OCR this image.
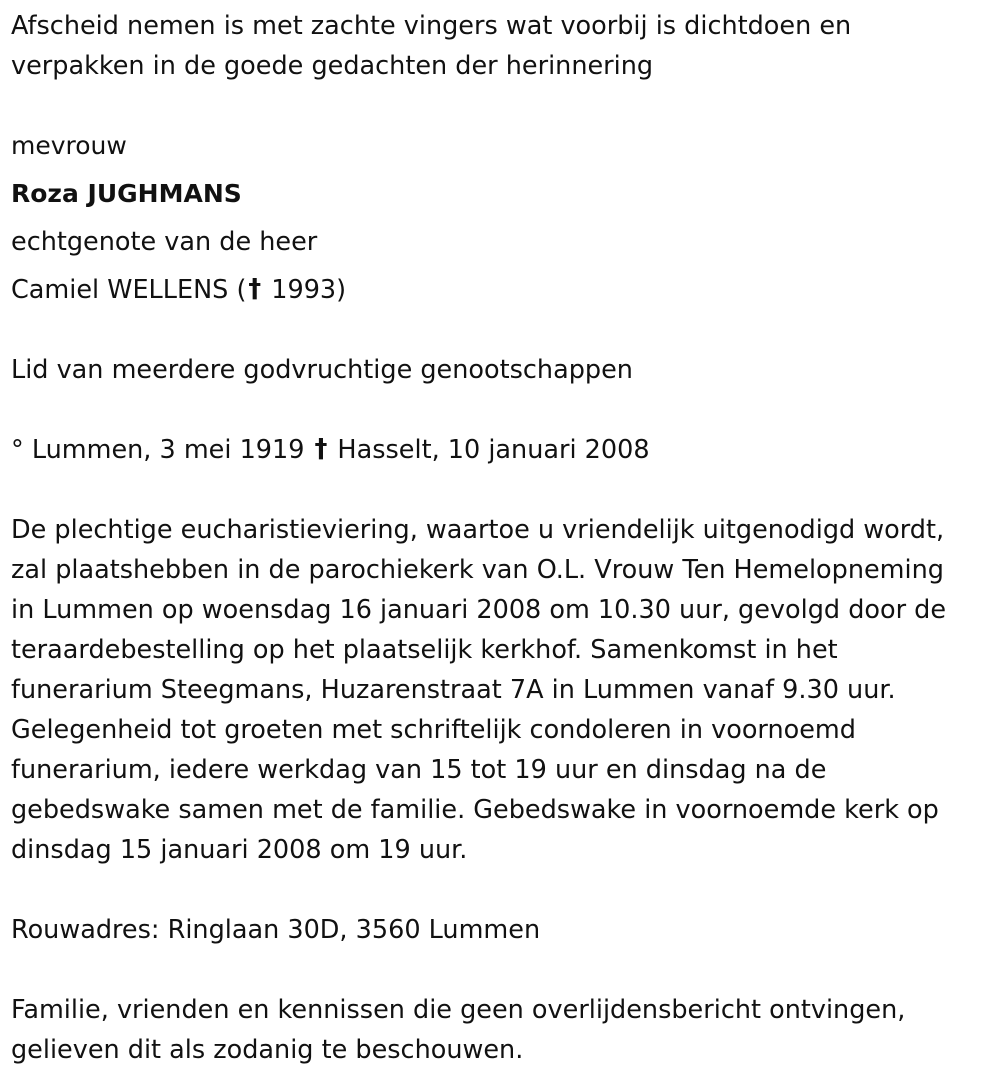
Afscheid nemen is met zachte vingers wat voorbij is dichtdoen en
verpakken in de goede gedachten der herinnering
mevrouw
Roza JUGHMANS
echtgenote van de heer
Camiel WELLENS († 1993)
Lid van meerdere godvruchtige genootschappen
° Lummen, 3 mei 1919 † Hasselt, 10 januari 2008
De plechtige eucharistieviering, waartoe u vriendelijk uitgenodigd wordt,
zal plaatshebben in de parochiekerk van O.L. Vrouw Ten Hemelopneming
in Lummen op woensdag 16 januari 2008 om 10.30 uur, gevolgd door de
teraardebestelling op het plaatselijk kerkhof. Samenkomst in het
funerarium Steegmans, Huzarenstraat 7A in Lummen vanaf 9.30 uur.
Gelegenheid tot groeten met schriftelijk condoleren in voornoemd
funerarium, iedere werkdag van 15 tot 19 uur en dinsdag na de
gebedswake samen met de familie. Gebedswake in voornoemde kerk op
dinsdag 15 januari 2008 om 19 uur.
Rouwadres: Ringlaan 30D, 3560 Lummen
Familie, vrienden en kennissen die geen overlijdensbericht ontvingen,
gelieven dit als zodanig te beschouwen.
